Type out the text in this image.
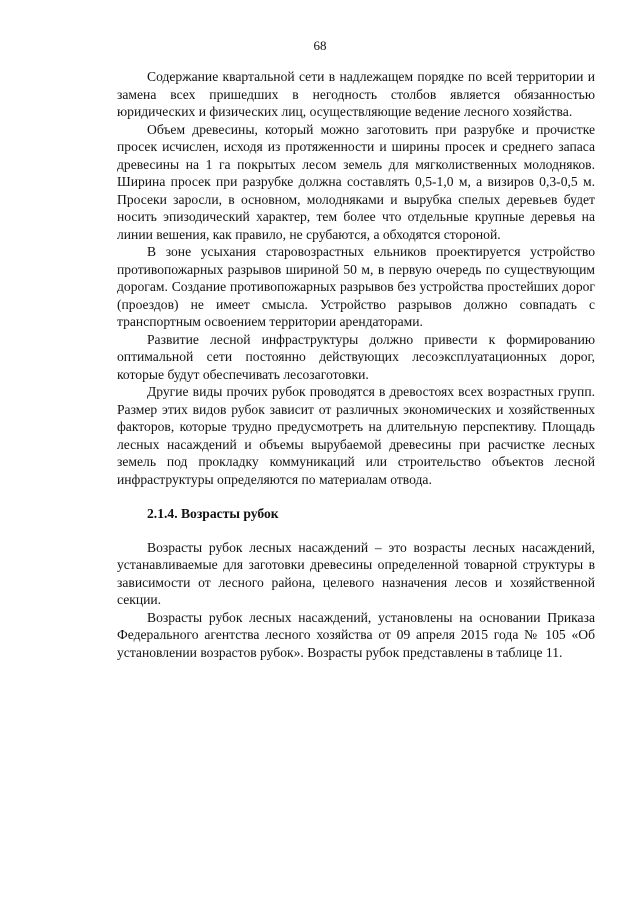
68

Содержание квартальной сети в надлежащем порядке по всей территории и замена всех пришедших в негодность столбов является обязанностью юридических и физических лиц, осуществляющие ведение лесного хозяйства.

Объем древесины, который можно заготовить при разрубке и прочистке просек исчислен, исходя из протяженности и ширины просек и среднего запаса древесины на 1 га покрытых лесом земель для мягколиственных молодняков. Ширина просек при разрубке должна составлять 0,5-1,0 м, а визиров 0,3-0,5 м. Просеки заросли, в основном, молодняками и вырубка спелых деревьев будет носить эпизодический характер, тем более что отдельные крупные деревья на линии вешения, как правило, не срубаются, а обходятся стороной.

В зоне усыхания старовозрастных ельников проектируется устройство противопожарных разрывов шириной 50 м, в первую очередь по существующим дорогам. Создание противопожарных разрывов без устройства простейших дорог (проездов) не имеет смысла. Устройство разрывов должно совпадать с транспортным освоением территории арендаторами.

Развитие лесной инфраструктуры должно привести к формированию оптимальной сети постоянно действующих лесоэксплуатационных дорог, которые будут обеспечивать лесозаготовки.

Другие виды прочих рубок проводятся в древостоях всех возрастных групп. Размер этих видов рубок зависит от различных экономических и хозяйственных факторов, которые трудно предусмотреть на длительную перспективу. Площадь лесных насаждений и объемы вырубаемой древесины при расчистке лесных земель под прокладку коммуникаций или строительство объектов лесной инфраструктуры определяются по материалам отвода.

2.1.4. Возрасты рубок

Возрасты рубок лесных насаждений – это возрасты лесных насаждений, устанавливаемые для заготовки древесины определенной товарной структуры в зависимости от лесного района, целевого назначения лесов и хозяйственной секции.

Возрасты рубок лесных насаждений, установлены на основании Приказа Федерального агентства лесного хозяйства от 09 апреля 2015 года № 105 «Об установлении возрастов рубок». Возрасты рубок представлены в таблице 11.
